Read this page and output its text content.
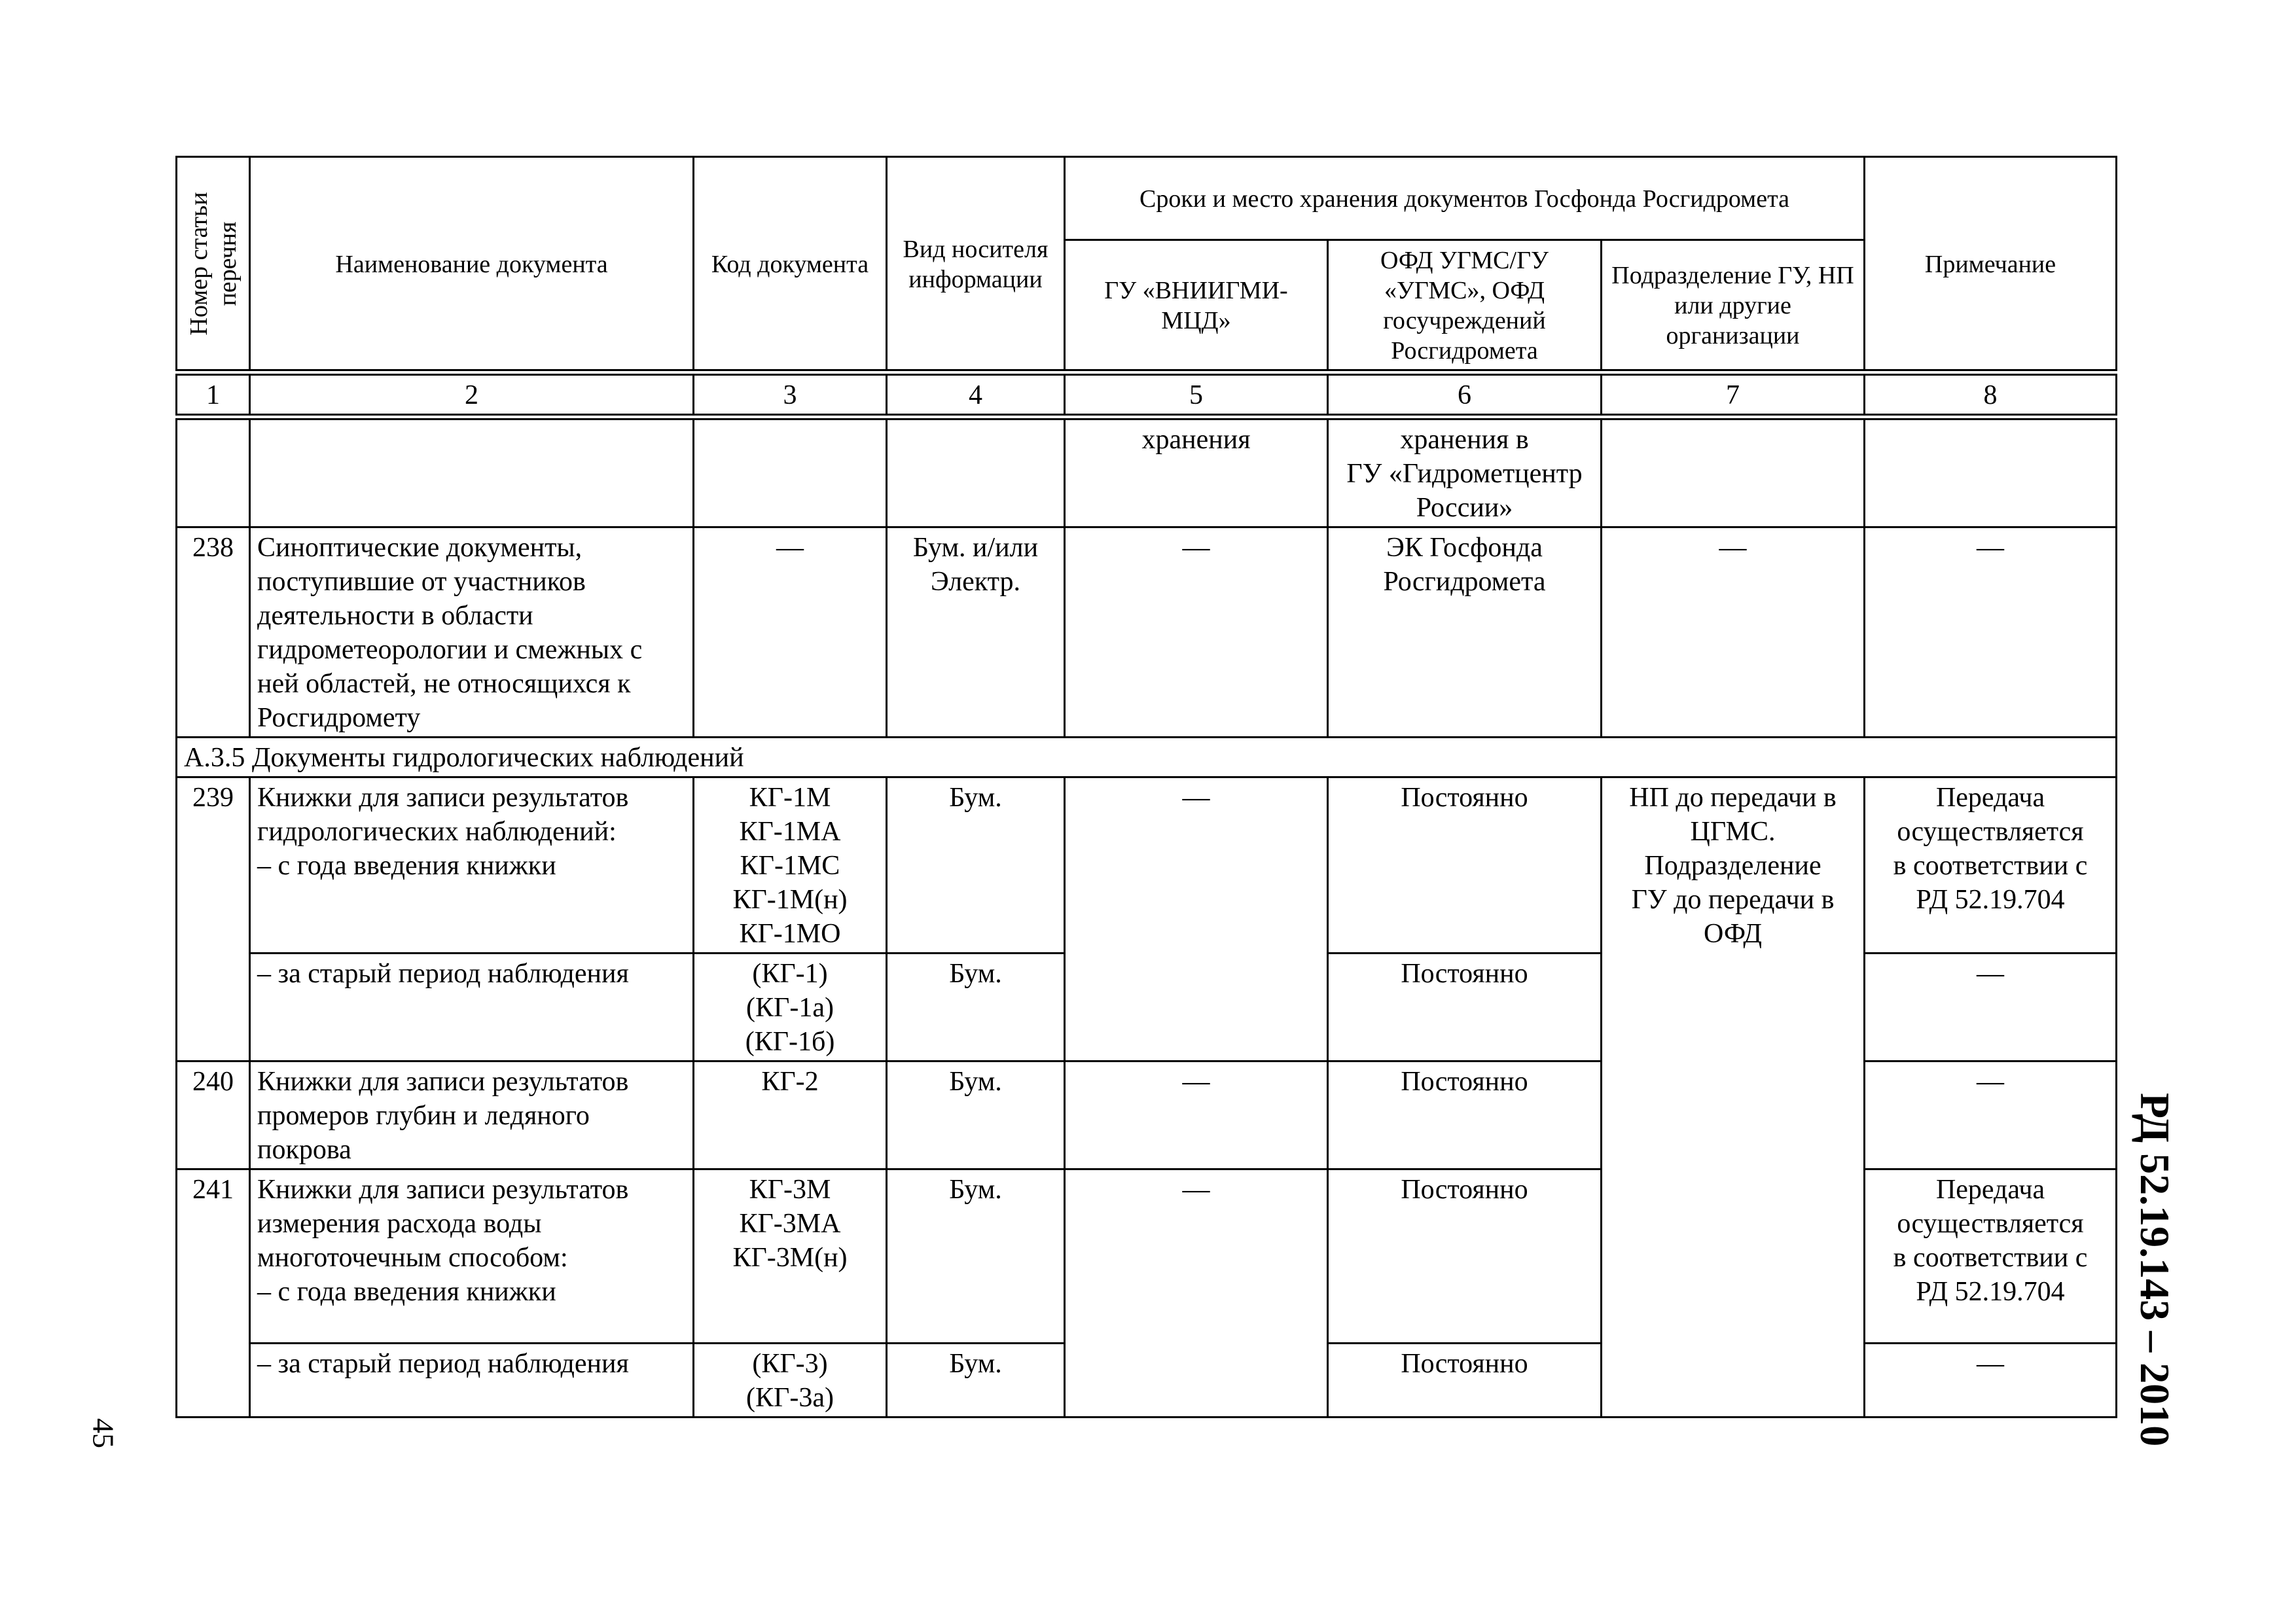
Номер статьи перечня	Наименование документа	Код документа	Вид носителя информации	Сроки и место хранения документов Госфонда Росгидромета			Примечание
				ГУ «ВНИИГМИ-МЦД»	ОФД УГМС/ГУ «УГМС», ОФД госучреждений Росгидромета	Подразделение ГУ, НП или другие организации	
1	2	3	4	5	6	7	8
				хранения	хранения в
ГУ «Гидрометцентр
России»		

238	Синоптические документы, поступившие от участников деятельности в области гидрометеорологии и смежных с ней областей, не относящихся к Росгидромету	—	Бум. и/или
Электр.	—	ЭК Госфонда
Росгидромета	—	—
А.3.5 Документы гидрологических наблюдений							
239	Книжки для записи результатов
гидрологических наблюдений:
– с года введения книжки	КГ-1М
КГ-1МА
КГ-1МС
КГ-1М(н)
КГ-1МО	Бум.	—	Постоянно	НП до передачи в
ЦГМС.
Подразделение
ГУ до передачи в
ОФД	Передача
осуществляется
в соответствии с
РД 52.19.704

	– за старый период наблюдения	(КГ-1)
(КГ-1а)
(КГ-1б)	Бум.		Постоянно		—
240	Книжки для записи результатов
промеров глубин и ледяного
покрова	КГ-2	Бум.	—	Постоянно		—
241	Книжки для записи результатов
измерения расхода воды
многоточечным способом:
– с года введения книжки	КГ-3М
КГ-3МА
КГ-3М(н)	Бум.	—	Постоянно		Передача
осуществляется
в соответствии с
РД 52.19.704

	– за старый период наблюдения	(КГ-3)
(КГ-3а)	Бум.		Постоянно		—	РД 52.19.143 – 2010
45
